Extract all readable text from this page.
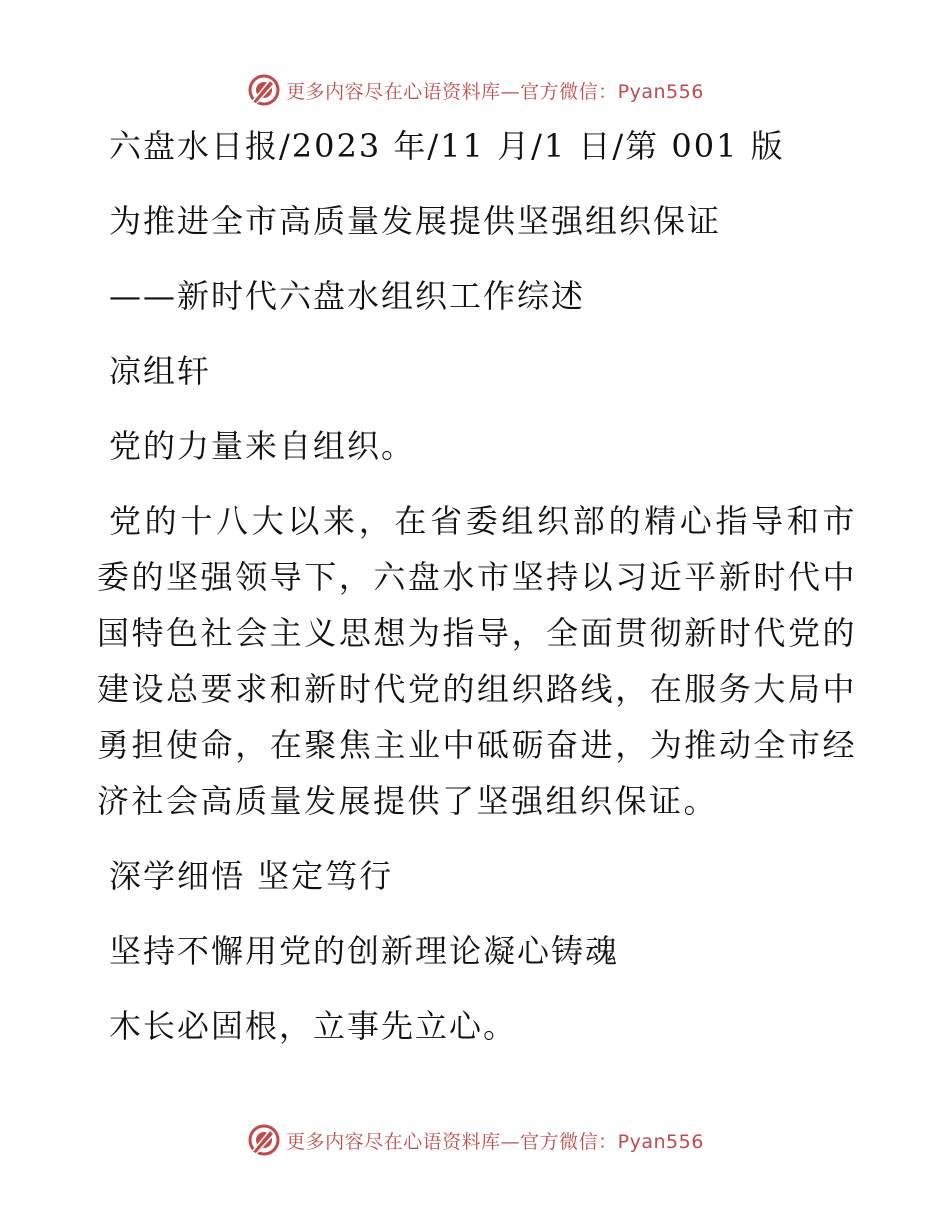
更多内容尽在心语资料库—官方微信：Pyan556
六盘水日报/2023 年/11 月/1 日/第 001 版
为推进全市高质量发展提供坚强组织保证
——新时代六盘水组织工作综述
凉组轩
党的力量来自组织。
党的十八大以来，在省委组织部的精心指导和市委的坚强领导下，六盘水市坚持以习近平新时代中国特色社会主义思想为指导，全面贯彻新时代党的建设总要求和新时代党的组织路线，在服务大局中勇担使命，在聚焦主业中砥砺奋进，为推动全市经济社会高质量发展提供了坚强组织保证。
深学细悟 坚定笃行
坚持不懈用党的创新理论凝心铸魂
木长必固根，立事先立心。
更多内容尽在心语资料库—官方微信：Pyan556
